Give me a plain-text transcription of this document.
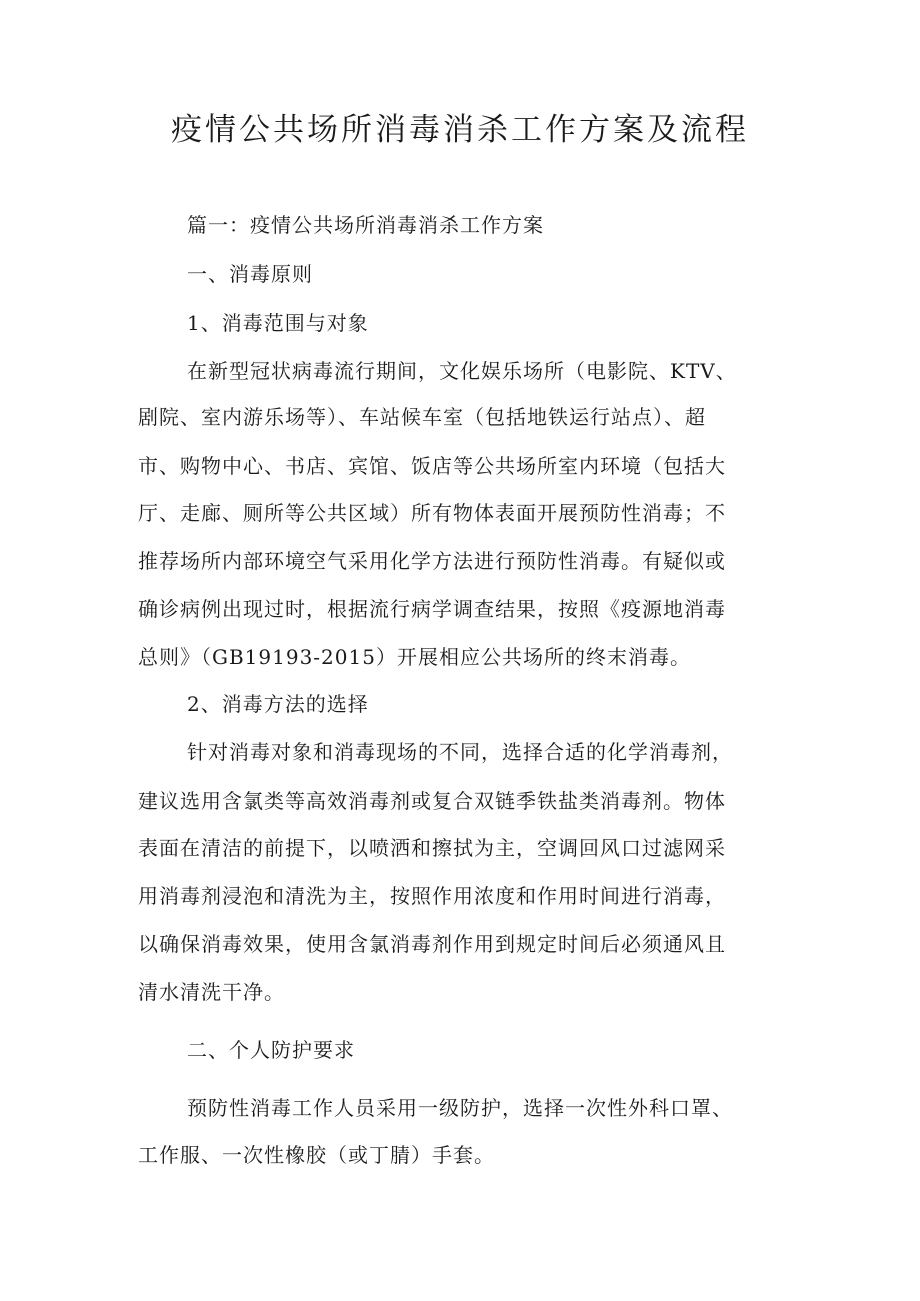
疫情公共场所消毒消杀工作方案及流程
篇一：疫情公共场所消毒消杀工作方案
一、消毒原则
1、消毒范围与对象
在新型冠状病毒流行期间，文化娱乐场所（电影院、KTV、
剧院、室内游乐场等）、车站候车室（包括地铁运行站点）、超
市、购物中心、书店、宾馆、饭店等公共场所室内环境（包括大
厅、走廊、厕所等公共区域）所有物体表面开展预防性消毒；不
推荐场所内部环境空气采用化学方法进行预防性消毒。有疑似或
确诊病例出现过时，根据流行病学调查结果，按照《疫源地消毒
总则》（GB19193-2015）开展相应公共场所的终末消毒。
2、消毒方法的选择
针对消毒对象和消毒现场的不同，选择合适的化学消毒剂，
建议选用含氯类等高效消毒剂或复合双链季铁盐类消毒剂。物体
表面在清洁的前提下，以喷洒和擦拭为主，空调回风口过滤网采
用消毒剂浸泡和清洗为主，按照作用浓度和作用时间进行消毒，
以确保消毒效果，使用含氯消毒剂作用到规定时间后必须通风且
清水清洗干净。
二、个人防护要求
预防性消毒工作人员采用一级防护，选择一次性外科口罩、
工作服、一次性橡胶（或丁腈）手套。
